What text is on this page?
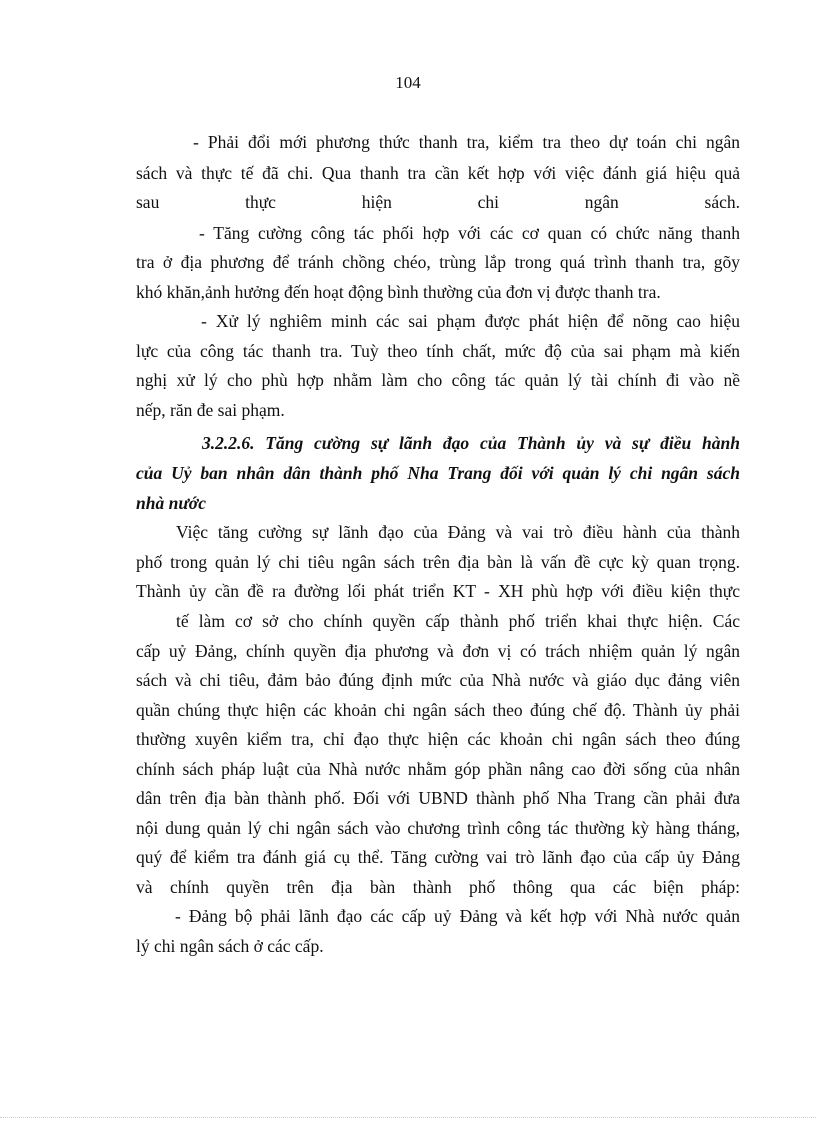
104
- Phải đổi mới phương thức thanh tra, kiểm tra theo dự toán chi ngân
sách và thực tế đã chi. Qua thanh tra cần kết hợp với việc đánh giá hiệu quả
sau thực hiện chi ngân sách.
- Tăng cường công tác phối hợp với các cơ quan có chức năng thanh
tra ở địa phương để tránh chồng chéo, trùng lắp trong quá trình thanh tra, gõy
khó khăn,ảnh hưởng đến hoạt động bình thường của đơn vị được thanh tra.
- Xử lý nghiêm minh các sai phạm được phát hiện để nõng cao hiệu
lực của công tác thanh tra. Tuỳ theo tính chất, mức độ của sai phạm mà kiến
nghị xử lý cho phù hợp nhằm làm cho công tác quản lý tài chính đi vào nề
nếp, răn đe sai phạm.
3.2.2.6. Tăng cường sự lãnh đạo của Thành ủy và sự điều hành
của Uỷ ban nhân dân thành phố Nha Trang đối với quản lý chi ngân sách
nhà nước
Việc tăng cường sự lãnh đạo của Đảng và vai trò điều hành của thành
phố trong quản lý chi tiêu ngân sách trên địa bàn là vấn đề cực kỳ quan trọng.
Thành ủy cần đề ra đường lối phát triển KT - XH phù hợp với điều kiện thực
tế làm cơ sở cho chính quyền cấp thành phố triển khai thực hiện. Các
cấp uỷ Đảng, chính quyền địa phương và đơn vị có trách nhiệm quản lý ngân
sách và chi tiêu, đảm bảo đúng định mức của Nhà nước và giáo dục đảng viên
quần chúng thực hiện các khoản chi ngân sách theo đúng chế độ. Thành ủy phải
thường xuyên kiểm tra, chỉ đạo thực hiện các khoản chi ngân sách theo đúng
chính sách pháp luật của Nhà nước nhằm góp phần nâng cao đời sống của nhân
dân trên địa bàn thành phố. Đối với UBND thành phố Nha Trang cần phải đưa
nội dung quản lý chi ngân sách vào chương trình công tác thường kỳ hàng tháng,
quý để kiểm tra đánh giá cụ thể. Tăng cường vai trò lãnh đạo của cấp ủy Đảng
và chính quyền trên địa bàn thành phố thông qua các biện pháp:
- Đảng bộ phải lãnh đạo các cấp uỷ Đảng và kết hợp với Nhà nước quản
lý chi ngân sách ở các cấp.
